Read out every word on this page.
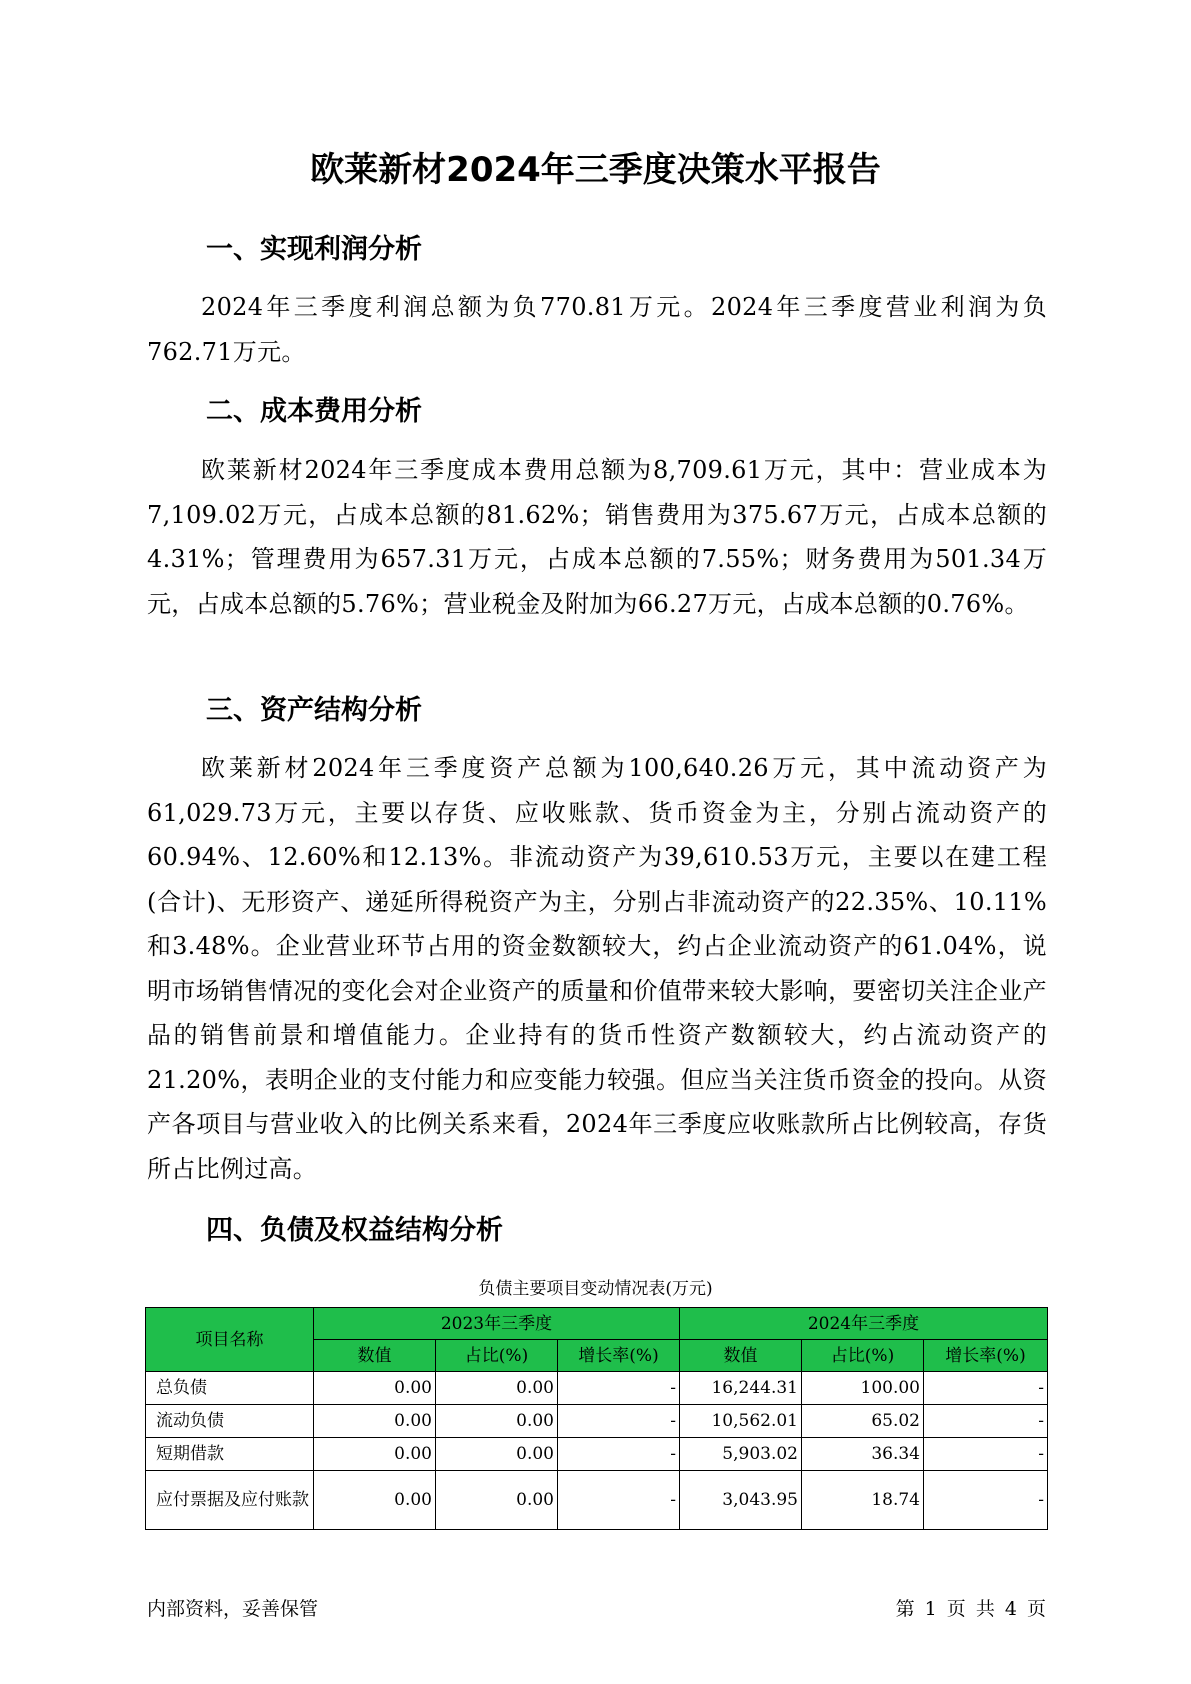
欧莱新材2024年三季度决策水平报告
一、实现利润分析

2024年三季度利润总额为负770.81万元。2024年三季度营业利润为负762.71万元。

二、成本费用分析

欧莱新材2024年三季度成本费用总额为8,709.61万元，其中：营业成本为7,109.02万元，占成本总额的81.62%；销售费用为375.67万元，占成本总额的4.31%；管理费用为657.31万元，占成本总额的7.55%；财务费用为501.34万元，占成本总额的5.76%；营业税金及附加为66.27万元，占成本总额的0.76%。

三、资产结构分析

欧莱新材2024年三季度资产总额为100,640.26万元，其中流动资产为61,029.73万元，主要以存货、应收账款、货币资金为主，分别占流动资产的60.94%、12.60%和12.13%。非流动资产为39,610.53万元，主要以在建工程(合计)、无形资产、递延所得税资产为主，分别占非流动资产的22.35%、10.11%和3.48%。企业营业环节占用的资金数额较大，约占企业流动资产的61.04%，说明市场销售情况的变化会对企业资产的质量和价值带来较大影响，要密切关注企业产品的销售前景和增值能力。企业持有的货币性资产数额较大，约占流动资产的21.20%，表明企业的支付能力和应变能力较强。但应当关注货币资金的投向。从资产各项目与营业收入的比例关系来看，2024年三季度应收账款所占比例较高，存货所占比例过高。

四、负债及权益结构分析
负债主要项目变动情况表(万元)
项目名称	2023年三季度			2024年三季度		
	数值	占比(%)	增长率(%)	数值	占比(%)	增长率(%)
总负债	0.00	0.00	-	16,244.31	100.00	-
流动负债	0.00	0.00	-	10,562.01	65.02	-
短期借款	0.00	0.00	-	5,903.02	36.34	-
应付票据及应付账款	0.00	0.00	-	3,043.95	18.74	-
内部资料，妥善保管	第 1 页 共 4 页
